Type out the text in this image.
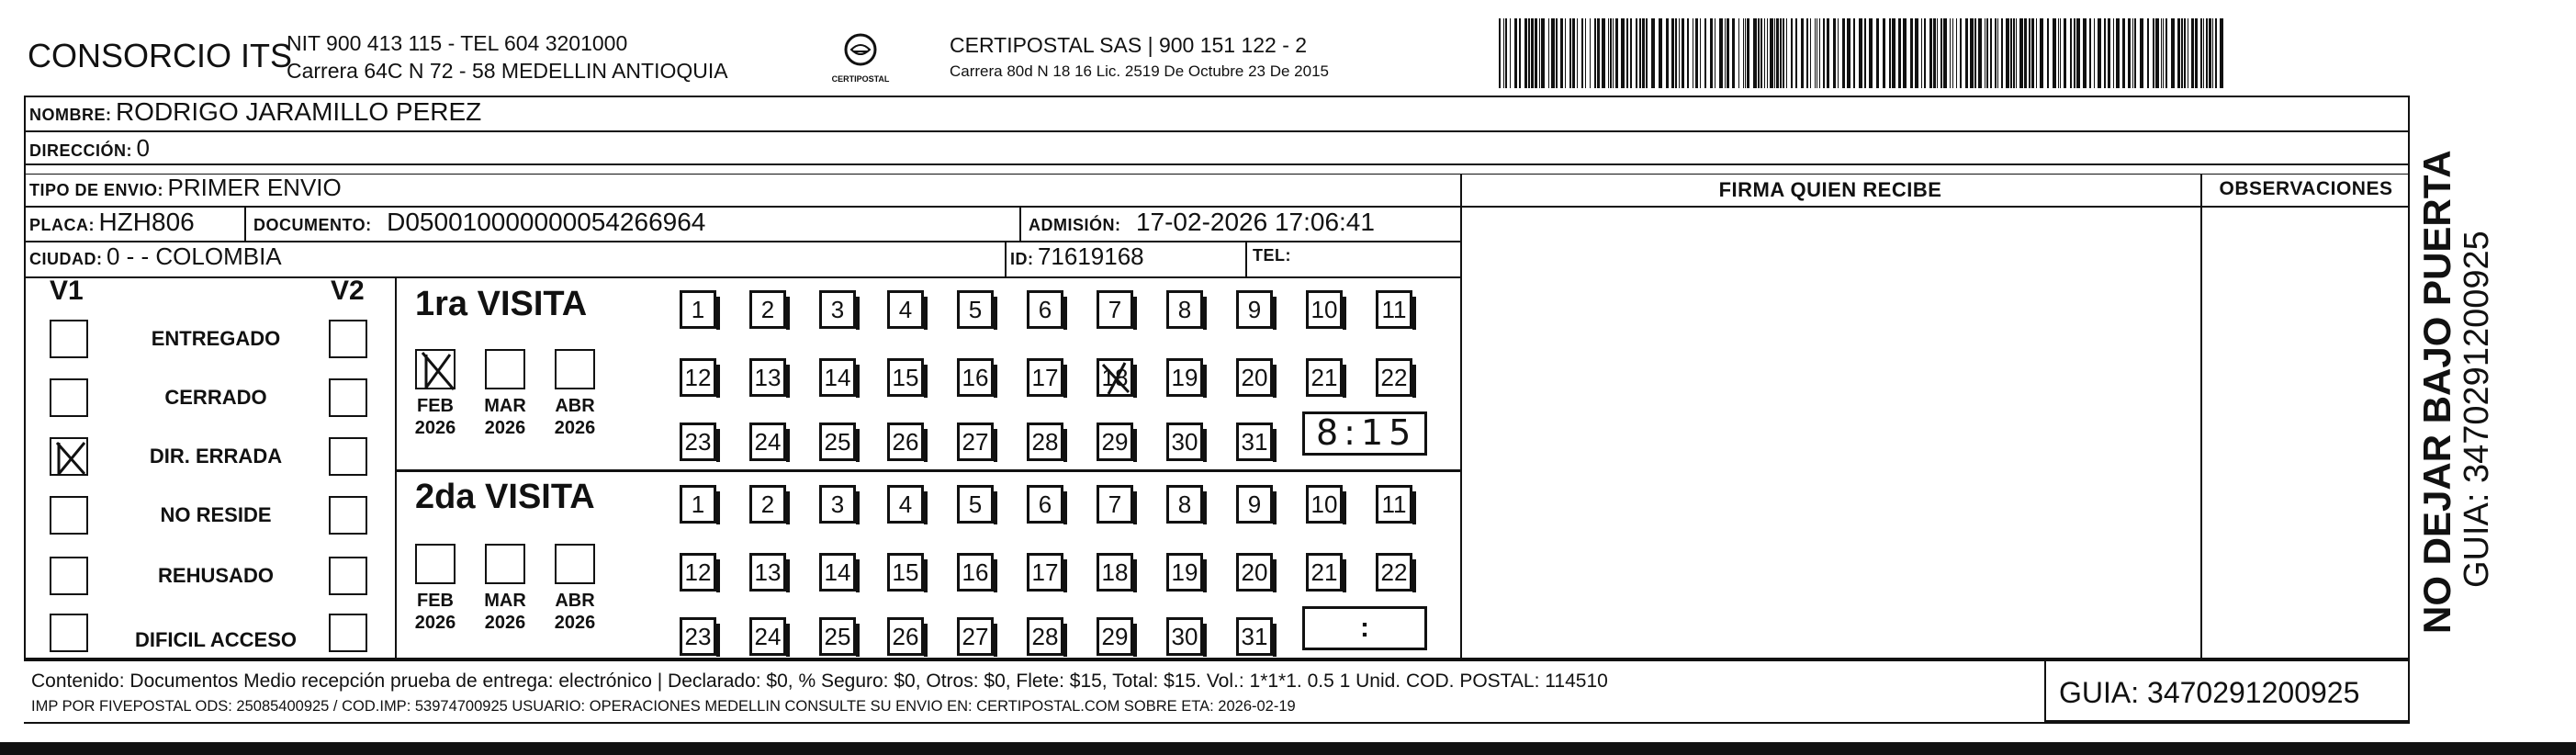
CONSORCIO ITS
NIT 900 413 115 - TEL 604 3201000
Carrera 64C N 72 - 58 MEDELLIN ANTIOQUIA	CERTIPOSTAL
CERTIPOSTAL SAS | 900 151 122 - 2
Carrera 80d N 18 16 Lic. 2519 De Octubre 23 De 2015
NOMBRE: RODRIGO JARAMILLO PEREZ
DIRECCIÓN: 0
TIPO DE ENVIO: PRIMER ENVIO
PLACA: HZH806	DOCUMENTO: D050010000000054266964	ADMISIÓN: 17-02-2026 17:06:41
CIUDAD: 0 - - COLOMBIA	ID: 71619168	TEL:
FIRMA QUIEN RECIBE	OBSERVACIONES
V1	V2
ENTREGADO
CERRADO
DIR. ERRADA
NO RESIDE
REHUSADO
DIFICIL ACCESO
1ra VISITA
2da VISITA
FEB
2026
MAR
2026
ABR
2026
FEB
2026
MAR
2026
ABR
2026
1 2 3 4 5 6 7 8 9 10 11
12 13 14 15 16 17 18 19 20 21 22
23 24 25 26 27 28 29 30 31
1 2 3 4 5 6 7 8 9 10 11
12 13 14 15 16 17 18 19 20 21 22
23 24 25 26 27 28 29 30 31
8:15
:
Contenido: Documentos Medio recepción prueba de entrega: electrónico | Declarado: $0, % Seguro: $0, Otros: $0, Flete: $15, Total: $15. Vol.: 1*1*1. 0.5 1 Unid. COD. POSTAL: 114510
IMP POR FIVEPOSTAL ODS: 25085400925 / COD.IMP: 53974700925 USUARIO: OPERACIONES MEDELLIN CONSULTE SU ENVIO EN: CERTIPOSTAL.COM SOBRE ETA: 2026-02-19	GUIA: 3470291200925
NO DEJAR BAJO PUERTA GUIA: 3470291200925
